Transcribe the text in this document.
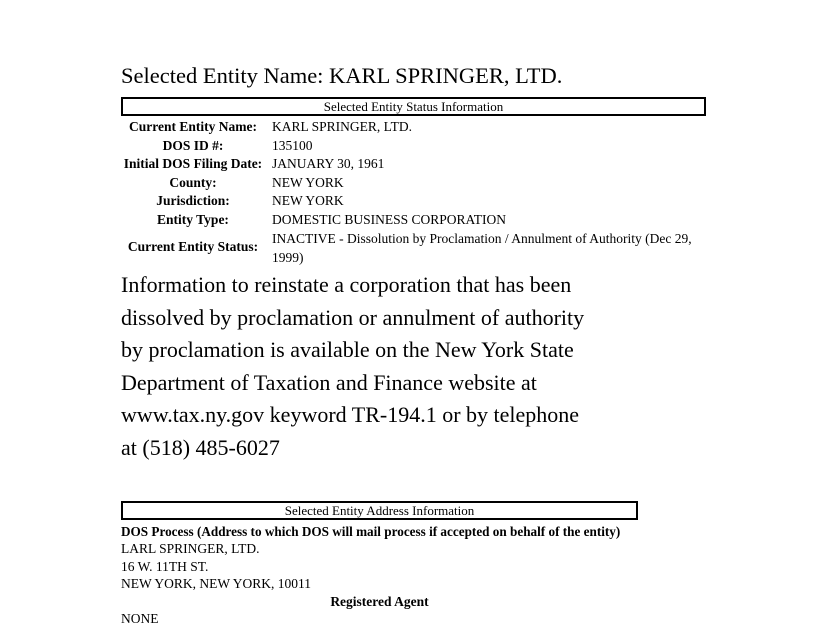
Selected Entity Name: KARL SPRINGER, LTD.
Selected Entity Status Information
Current Entity Name:	KARL SPRINGER, LTD.
DOS ID #:	135100
Initial DOS Filing Date:	JANUARY 30, 1961
County:	NEW YORK
Jurisdiction:	NEW YORK
Entity Type:	DOMESTIC BUSINESS CORPORATION
Current Entity Status:	INACTIVE - Dissolution by Proclamation / Annulment of Authority (Dec 29,
1999)
Information to reinstate a corporation that has been
dissolved by proclamation or annulment of authority
by proclamation is available on the New York State
Department of Taxation and Finance website at
www.tax.ny.gov keyword TR-194.1 or by telephone
at (518) 485-6027
Selected Entity Address Information
DOS Process (Address to which DOS will mail process if accepted on behalf of the entity)
LARL SPRINGER, LTD.
16 W. 11TH ST.
NEW YORK, NEW YORK, 10011
Registered Agent
NONE
